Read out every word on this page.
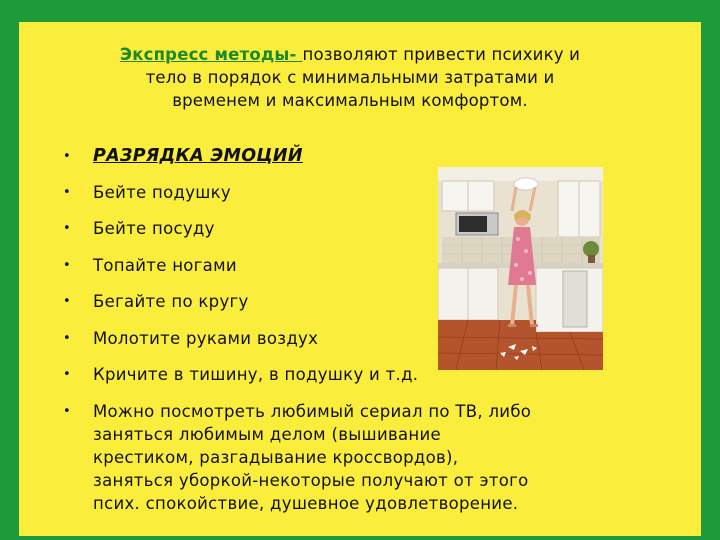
Экспресс методы- позволяют привести психику и
тело в порядок с минимальными затратами и
временем и максимальным комфортом.
• РАЗРЯДКА ЭМОЦИЙ
• Бейте подушку
• Бейте посуду
• Топайте ногами
• Бегайте по кругу
• Молотите руками воздух
• Кричите в тишину, в подушку и т.д.
• Можно посмотреть любимый сериал по ТВ, либо
заняться любимым делом (вышивание
крестиком, разгадывание кроссвордов),
заняться уборкой-некоторые получают от этого
псих. спокойствие, душевное удовлетворение.
